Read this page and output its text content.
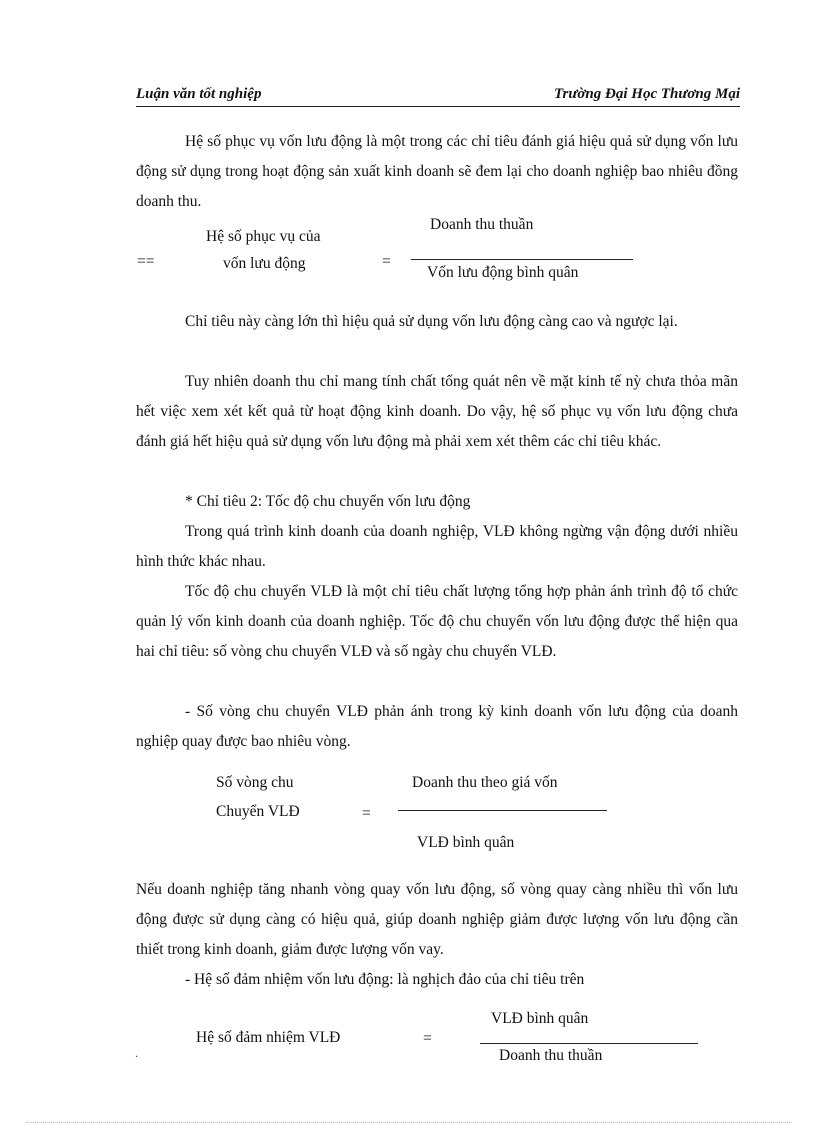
Luận văn tốt nghiệp	Trường Đại Học Thương Mại

Hệ số phục vụ vốn lưu động là một trong các chỉ tiêu đánh giá hiệu quả sử dụng vốn lưu động sử dụng trong hoạt động sản xuất kinh doanh sẽ đem lại cho doanh nghiệp bao nhiêu đồng doanh thu.

==
Hệ số phục vụ của
vốn lưu động	=
Doanh thu thuần
Vốn lưu động bình quân

Chỉ tiêu này càng lớn thì hiệu quả sử dụng vốn lưu động càng cao và ngược lại.

Tuy nhiên doanh thu chỉ mang tính chất tổng quát nên về mặt kinh tế nỳ chưa thỏa mãn hết việc xem xét kết quả từ hoạt động kinh doanh. Do vậy, hệ số phục vụ vốn lưu động chưa đánh giá hết hiệu quả sử dụng vốn lưu động mà phải xem xét thêm các chỉ tiêu khác.

* Chỉ tiêu 2: Tốc độ chu chuyển vốn lưu động

Trong quá trình kinh doanh của doanh nghiệp, VLĐ không ngừng vận động dưới nhiều hình thức khác nhau.

Tốc độ chu chuyển VLĐ là một chỉ tiêu chất lượng tổng hợp phản ánh trình độ tổ chức quản lý vốn kinh doanh của doanh nghiệp. Tốc độ chu chuyển vốn lưu động được thể hiện qua hai chỉ tiêu: số vòng chu chuyển VLĐ và số ngày chu chuyển VLĐ.

- Số vòng chu chuyển VLĐ phản ánh trong kỳ kinh doanh vốn lưu động của doanh nghiệp quay được bao nhiêu vòng.

Số vòng chu
Chuyển VLĐ	=
Doanh thu theo giá vốn
VLĐ bình quân

Nếu doanh nghiệp tăng nhanh vòng quay vốn lưu động, số vòng quay càng nhiều thì vốn lưu động được sử dụng càng có hiệu quả, giúp doanh nghiệp giảm được lượng vốn lưu động cần thiết trong kinh doanh, giảm được lượng vốn vay.

- Hệ số đảm nhiệm vốn lưu động: là nghịch đảo của chỉ tiêu trên

Hệ số đảm nhiệm VLĐ	=
VLĐ bình quân
Doanh thu thuần
.
